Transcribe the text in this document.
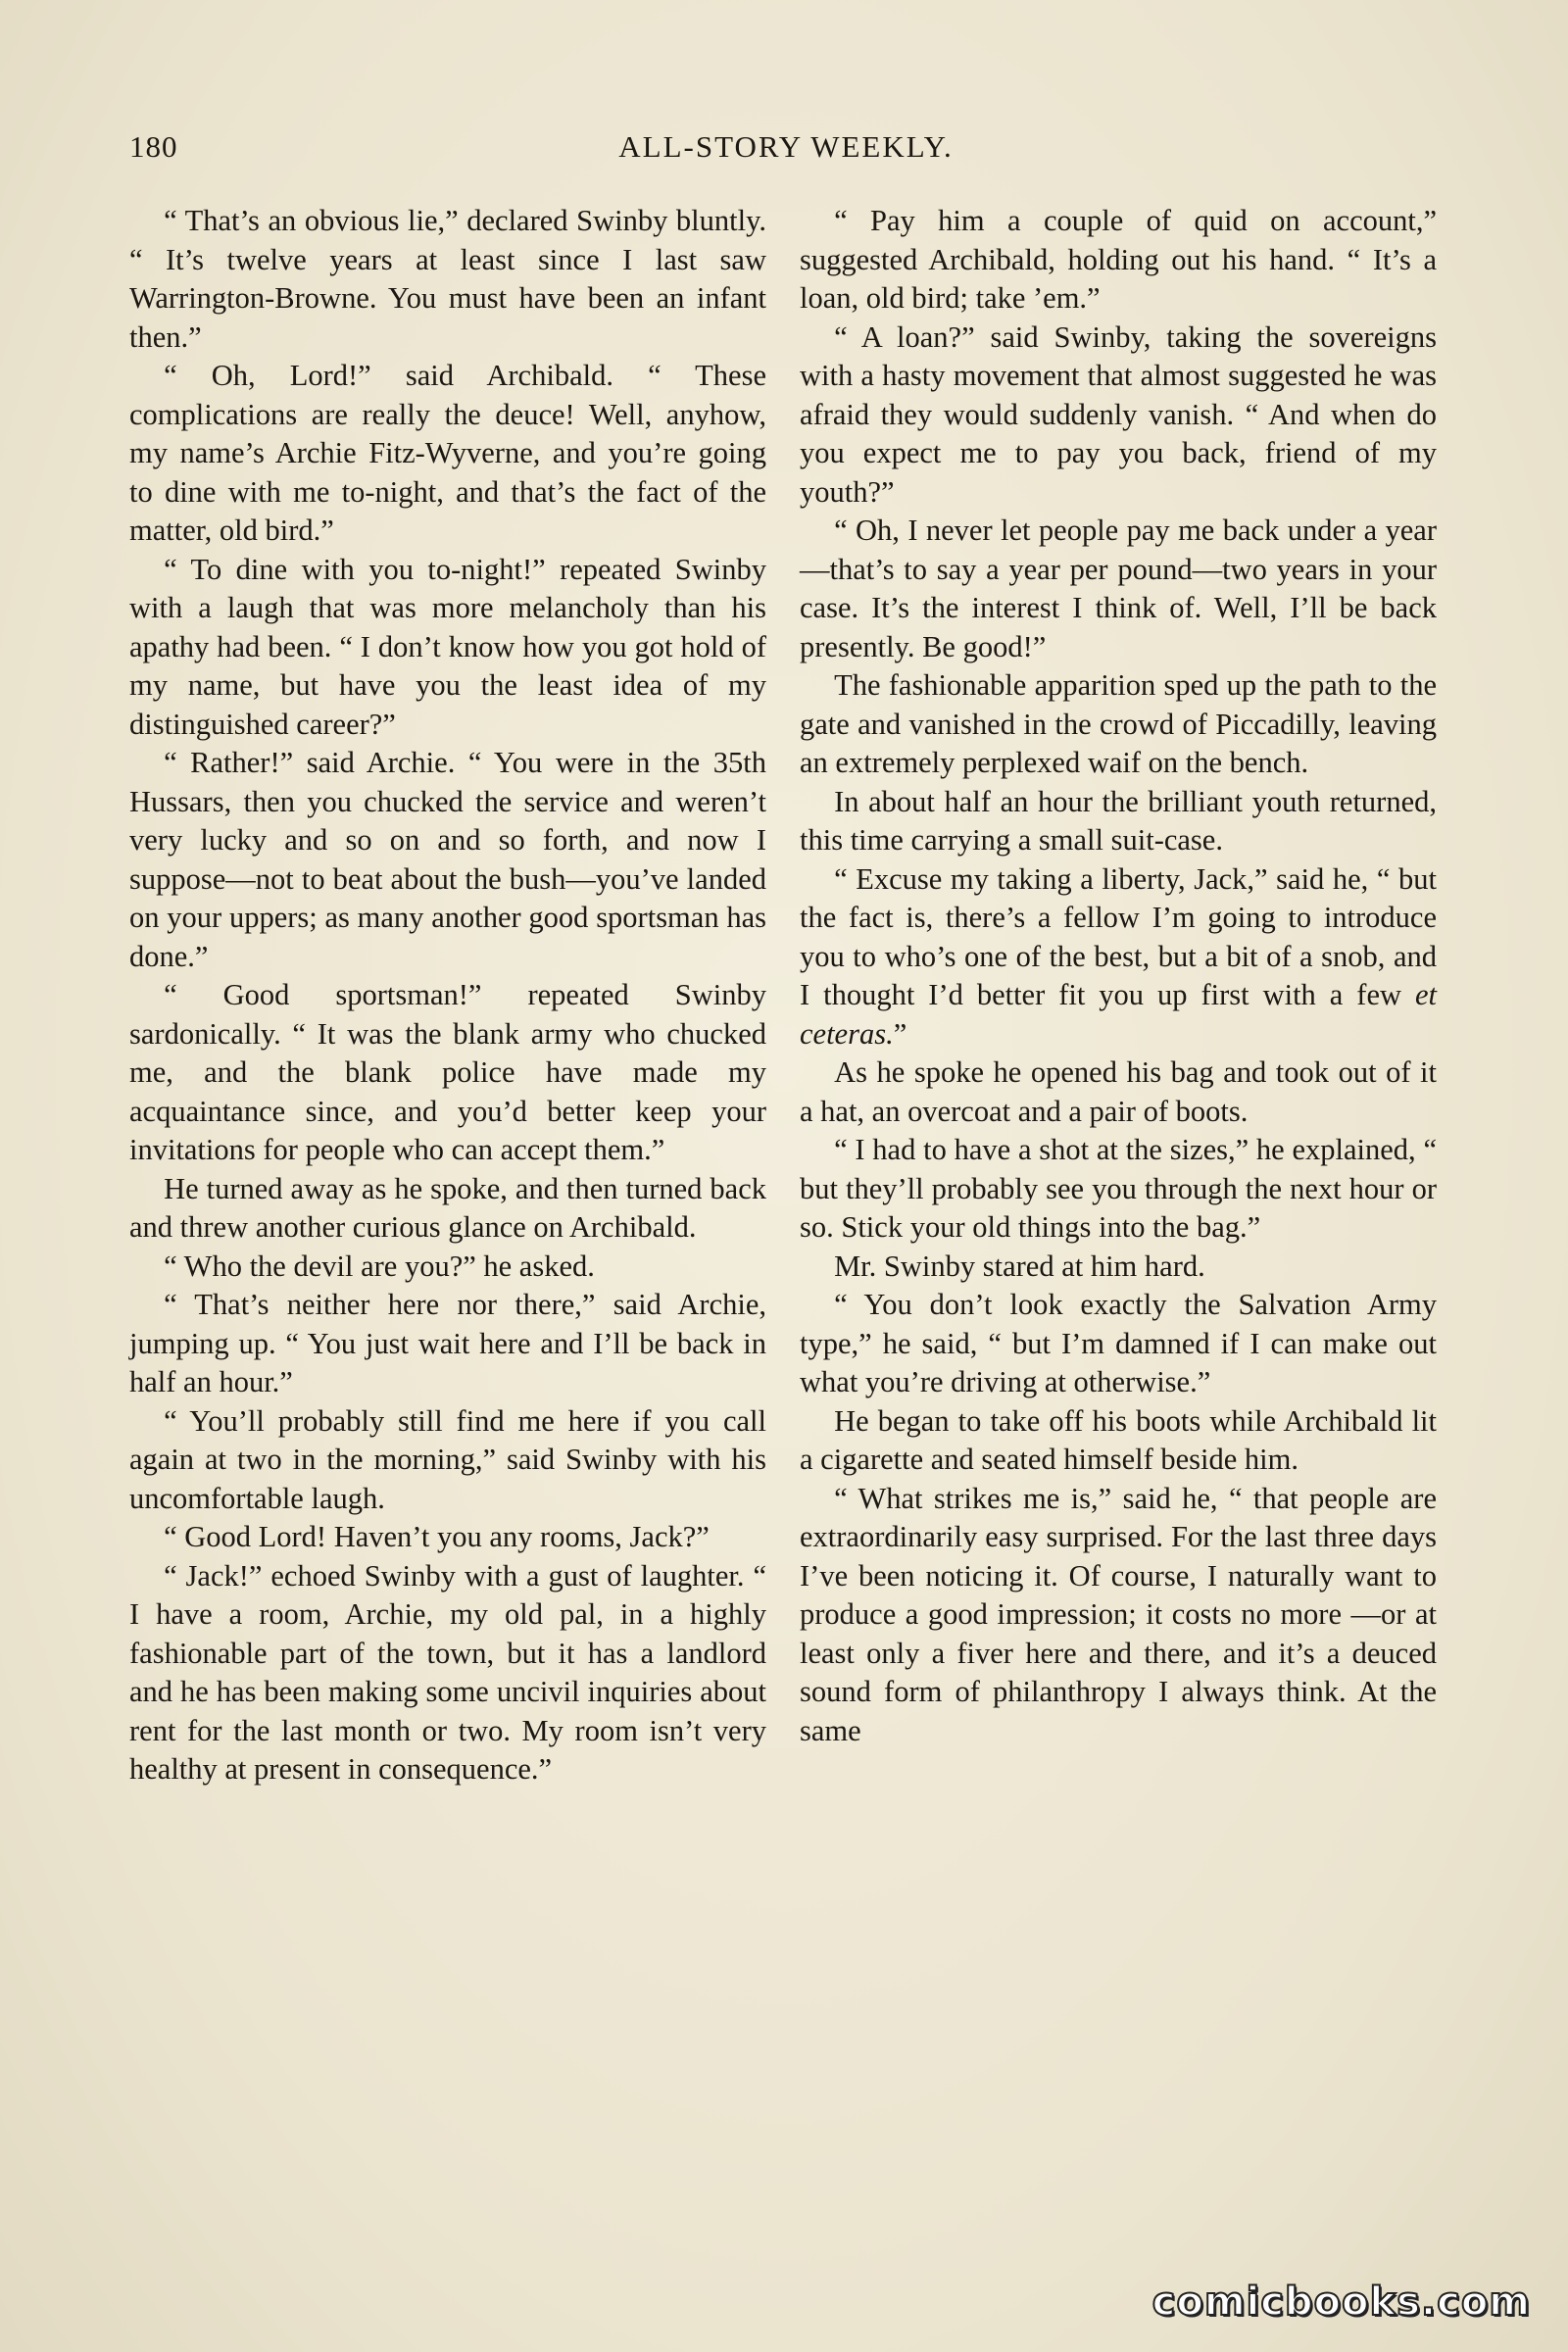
180	ALL-STORY WEEKLY.

“ That’s an obvious lie,” declared Swinby bluntly. “ It’s twelve years at least since I last saw Warrington-Browne. You must have been an infant then.”

“ Oh, Lord!” said Archibald. “ These complications are really the deuce! Well, anyhow, my name’s Archie Fitz-Wyverne, and you’re going to dine with me to-night, and that’s the fact of the matter, old bird.”

“ To dine with you to-night!” repeated Swinby with a laugh that was more melancholy than his apathy had been. “ I don’t know how you got hold of my name, but have you the least idea of my distinguished career?”

“ Rather!” said Archie. “ You were in the 35th Hussars, then you chucked the service and weren’t very lucky and so on and so forth, and now I suppose—not to beat about the bush—you’ve landed on your uppers; as many another good sportsman has done.”

“ Good sportsman!” repeated Swinby sardonically. “ It was the blank army who chucked me, and the blank police have made my acquaintance since, and you’d better keep your invitations for people who can accept them.”

He turned away as he spoke, and then turned back and threw another curious glance on Archibald.

“ Who the devil are you?” he asked.

“ That’s neither here nor there,” said Archie, jumping up. “ You just wait here and I’ll be back in half an hour.”

“ You’ll probably still find me here if you call again at two in the morning,” said Swinby with his uncomfortable laugh.

“ Good Lord! Haven’t you any rooms, Jack?”

“ Jack!” echoed Swinby with a gust of laughter. “ I have a room, Archie, my old pal, in a highly fashionable part of the town, but it has a landlord and he has been making some uncivil inquiries about rent for the last month or two. My room isn’t very healthy at present in consequence.”

“ Pay him a couple of quid on account,” suggested Archibald, holding out his hand. “ It’s a loan, old bird; take ’em.”

“ A loan?” said Swinby, taking the sovereigns with a hasty movement that almost suggested he was afraid they would suddenly vanish. “ And when do you expect me to pay you back, friend of my youth?”

“ Oh, I never let people pay me back under a year—that’s to say a year per pound—two years in your case. It’s the interest I think of. Well, I’ll be back presently. Be good!”

The fashionable apparition sped up the path to the gate and vanished in the crowd of Piccadilly, leaving an extremely perplexed waif on the bench.

In about half an hour the brilliant youth returned, this time carrying a small suit-case.

“ Excuse my taking a liberty, Jack,” said he, “ but the fact is, there’s a fellow I’m going to introduce you to who’s one of the best, but a bit of a snob, and I thought I’d better fit you up first with a few et ceteras.”

As he spoke he opened his bag and took out of it a hat, an overcoat and a pair of boots.

“ I had to have a shot at the sizes,” he explained, “ but they’ll probably see you through the next hour or so. Stick your old things into the bag.”

Mr. Swinby stared at him hard.

“ You don’t look exactly the Salvation Army type,” he said, “ but I’m damned if I can make out what you’re driving at otherwise.”

He began to take off his boots while Archibald lit a cigarette and seated himself beside him.

“ What strikes me is,” said he, “ that people are extraordinarily easy surprised. For the last three days I’ve been noticing it. Of course, I naturally want to produce a good impression; it costs no more —or at least only a fiver here and there, and it’s a deuced sound form of philanthropy I always think. At the same

comicbooks.com
